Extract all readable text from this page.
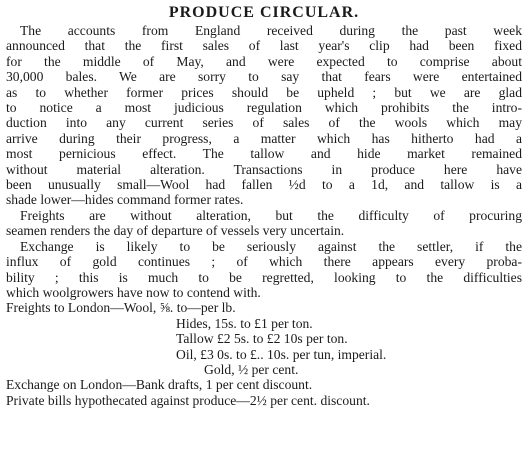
PRODUCE CIRCULAR.
The accounts from England received during the past week
announced that the first sales of last year's clip had been fixed
for the middle of May, and were expected to comprise about
30,000 bales. We are sorry to say that fears were entertained
as to whether former prices should be upheld ; but we are glad
to notice a most judicious regulation which prohibits the intro-
duction into any current series of sales of the wools which may
arrive during their progress, a matter which has hitherto had a
most pernicious effect. The tallow and hide market remained
without material alteration. Transactions in produce here have
been unusually small—Wool had fallen ½d to a 1d, and tallow is a
shade lower—hides command former rates.
Freights are without alteration, but the difficulty of procuring
seamen renders the day of departure of vessels very uncertain.
Exchange is likely to be seriously against the settler, if the
influx of gold continues ; of which there appears every proba-
bility ; this is much to be regretted, looking to the difficulties
which woolgrowers have now to contend with.
Freights to London—Wool, ⅝. to—per lb.
Hides, 15s. to £1 per ton.
Tallow £2 5s. to £2 10s per ton.
Oil, £3 0s. to £.. 10s. per tun, imperial.
Gold, ½ per cent.
Exchange on London—Bank drafts, 1 per cent discount.
Private bills hypothecated against produce—2½ per cent. discount.
